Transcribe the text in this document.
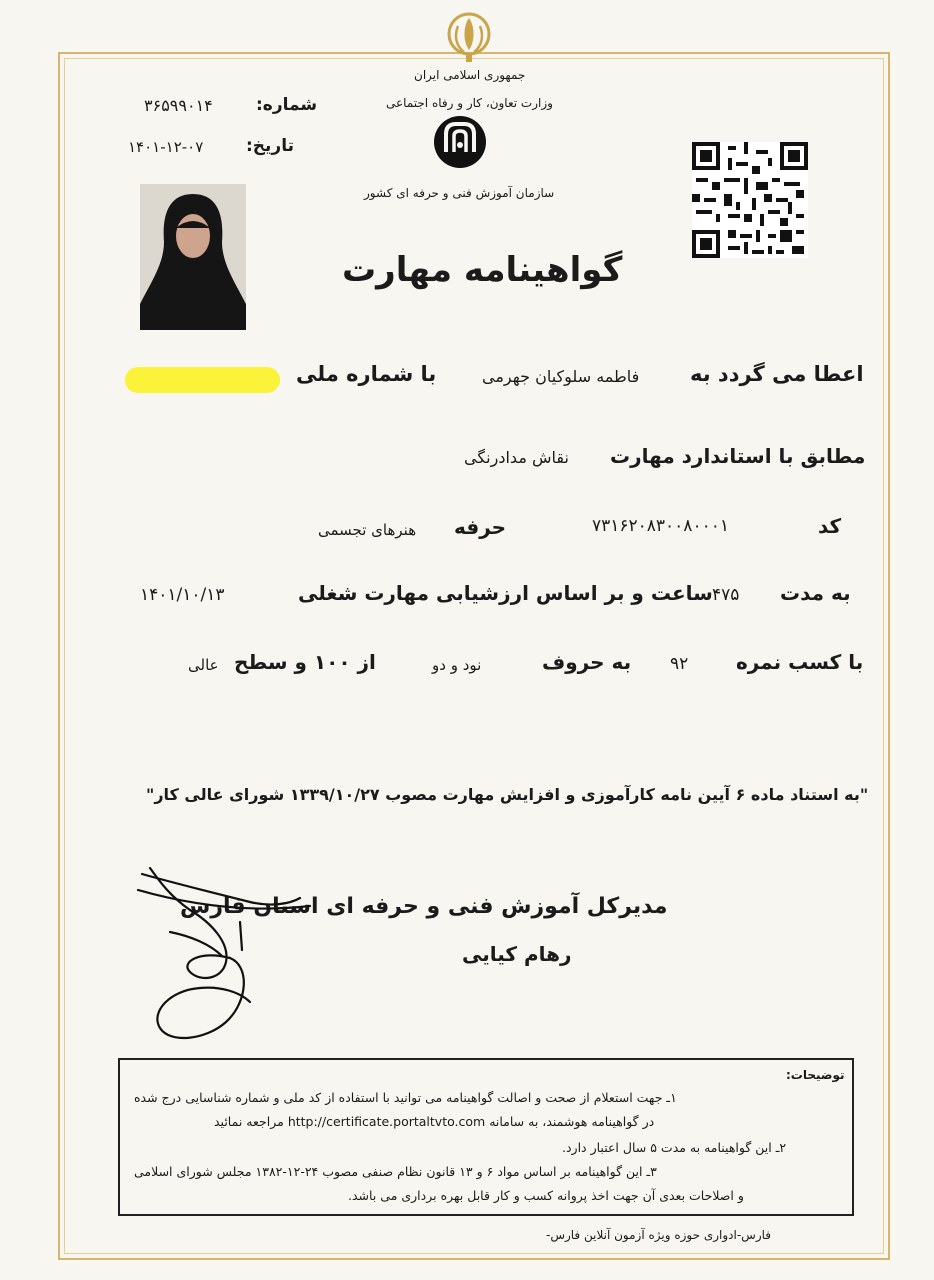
جمهوری اسلامی ایران
وزارت تعاون، کار و رفاه اجتماعی
سازمان آموزش فنی و حرفه ای کشور
شماره:
۳۶۵۹۹۰۱۴
تاریخ:
۱۴۰۱-۱۲-۰۷
گواهینامه مهارت
اعطا می گردد به
فاطمه سلوکیان جهرمی
با شماره ملی
مطابق با استاندارد مهارت
نقاش مدادرنگی
کد
۷۳۱۶۲۰۸۳۰۰۸۰۰۰۱
حرفه
هنرهای تجسمی
به مدت
۴۷۵
ساعت و بر اساس ارزشیابی مهارت شغلی
۱۴۰۱/۱۰/۱۳
با کسب نمره
۹۲
به حروف
نود و دو
از ۱۰۰ و سطح
عالی
"به استناد ماده ۶ آیین نامه کارآموزی و افزایش مهارت مصوب ۱۳۳۹/۱۰/۲۷ شورای عالی کار"
مدیرکل آموزش فنی و حرفه ای استان فارس
رهام کیایی
توضیحات:
۱ـ جهت استعلام از صحت و اصالت گواهینامه می توانید با استفاده از کد ملی و شماره شناسایی درج شده
در گواهینامه هوشمند، به سامانه http://certificate.portaltvto.com مراجعه نمائید
۲ـ این گواهینامه به مدت ۵ سال اعتبار دارد.
۳ـ این گواهینامه بر اساس مواد ۶ و ۱۳ قانون نظام صنفی مصوب ۲۴-۱۲-۱۳۸۲ مجلس شورای اسلامی
و اصلاحات بعدی آن جهت اخذ پروانه کسب و کار قابل بهره برداری می باشد.
فارس-ادواری حوزه ویژه آزمون آنلاین فارس-
